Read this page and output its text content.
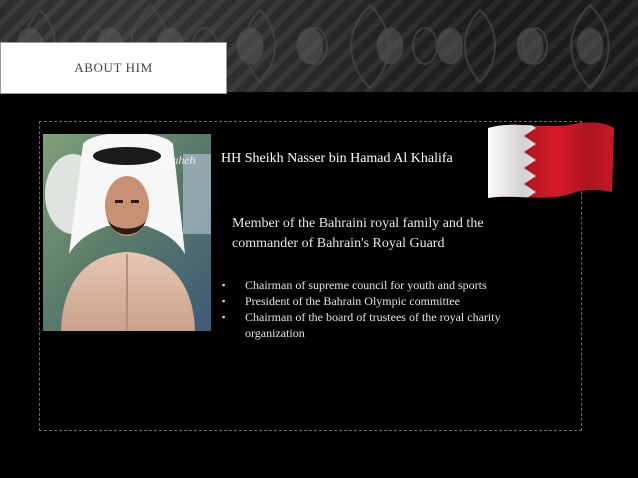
ABOUT HIM
Jnaheh HH Sheikh Nasser bin Hamad Al Khalifa
Member of the Bahraini royal family and the commander of Bahrain's Royal Guard
▪ Chairman of supreme council for youth and sports
▪ President of the Bahrain Olympic committee
▪ Chairman of the board of trustees of the royal charity organization
